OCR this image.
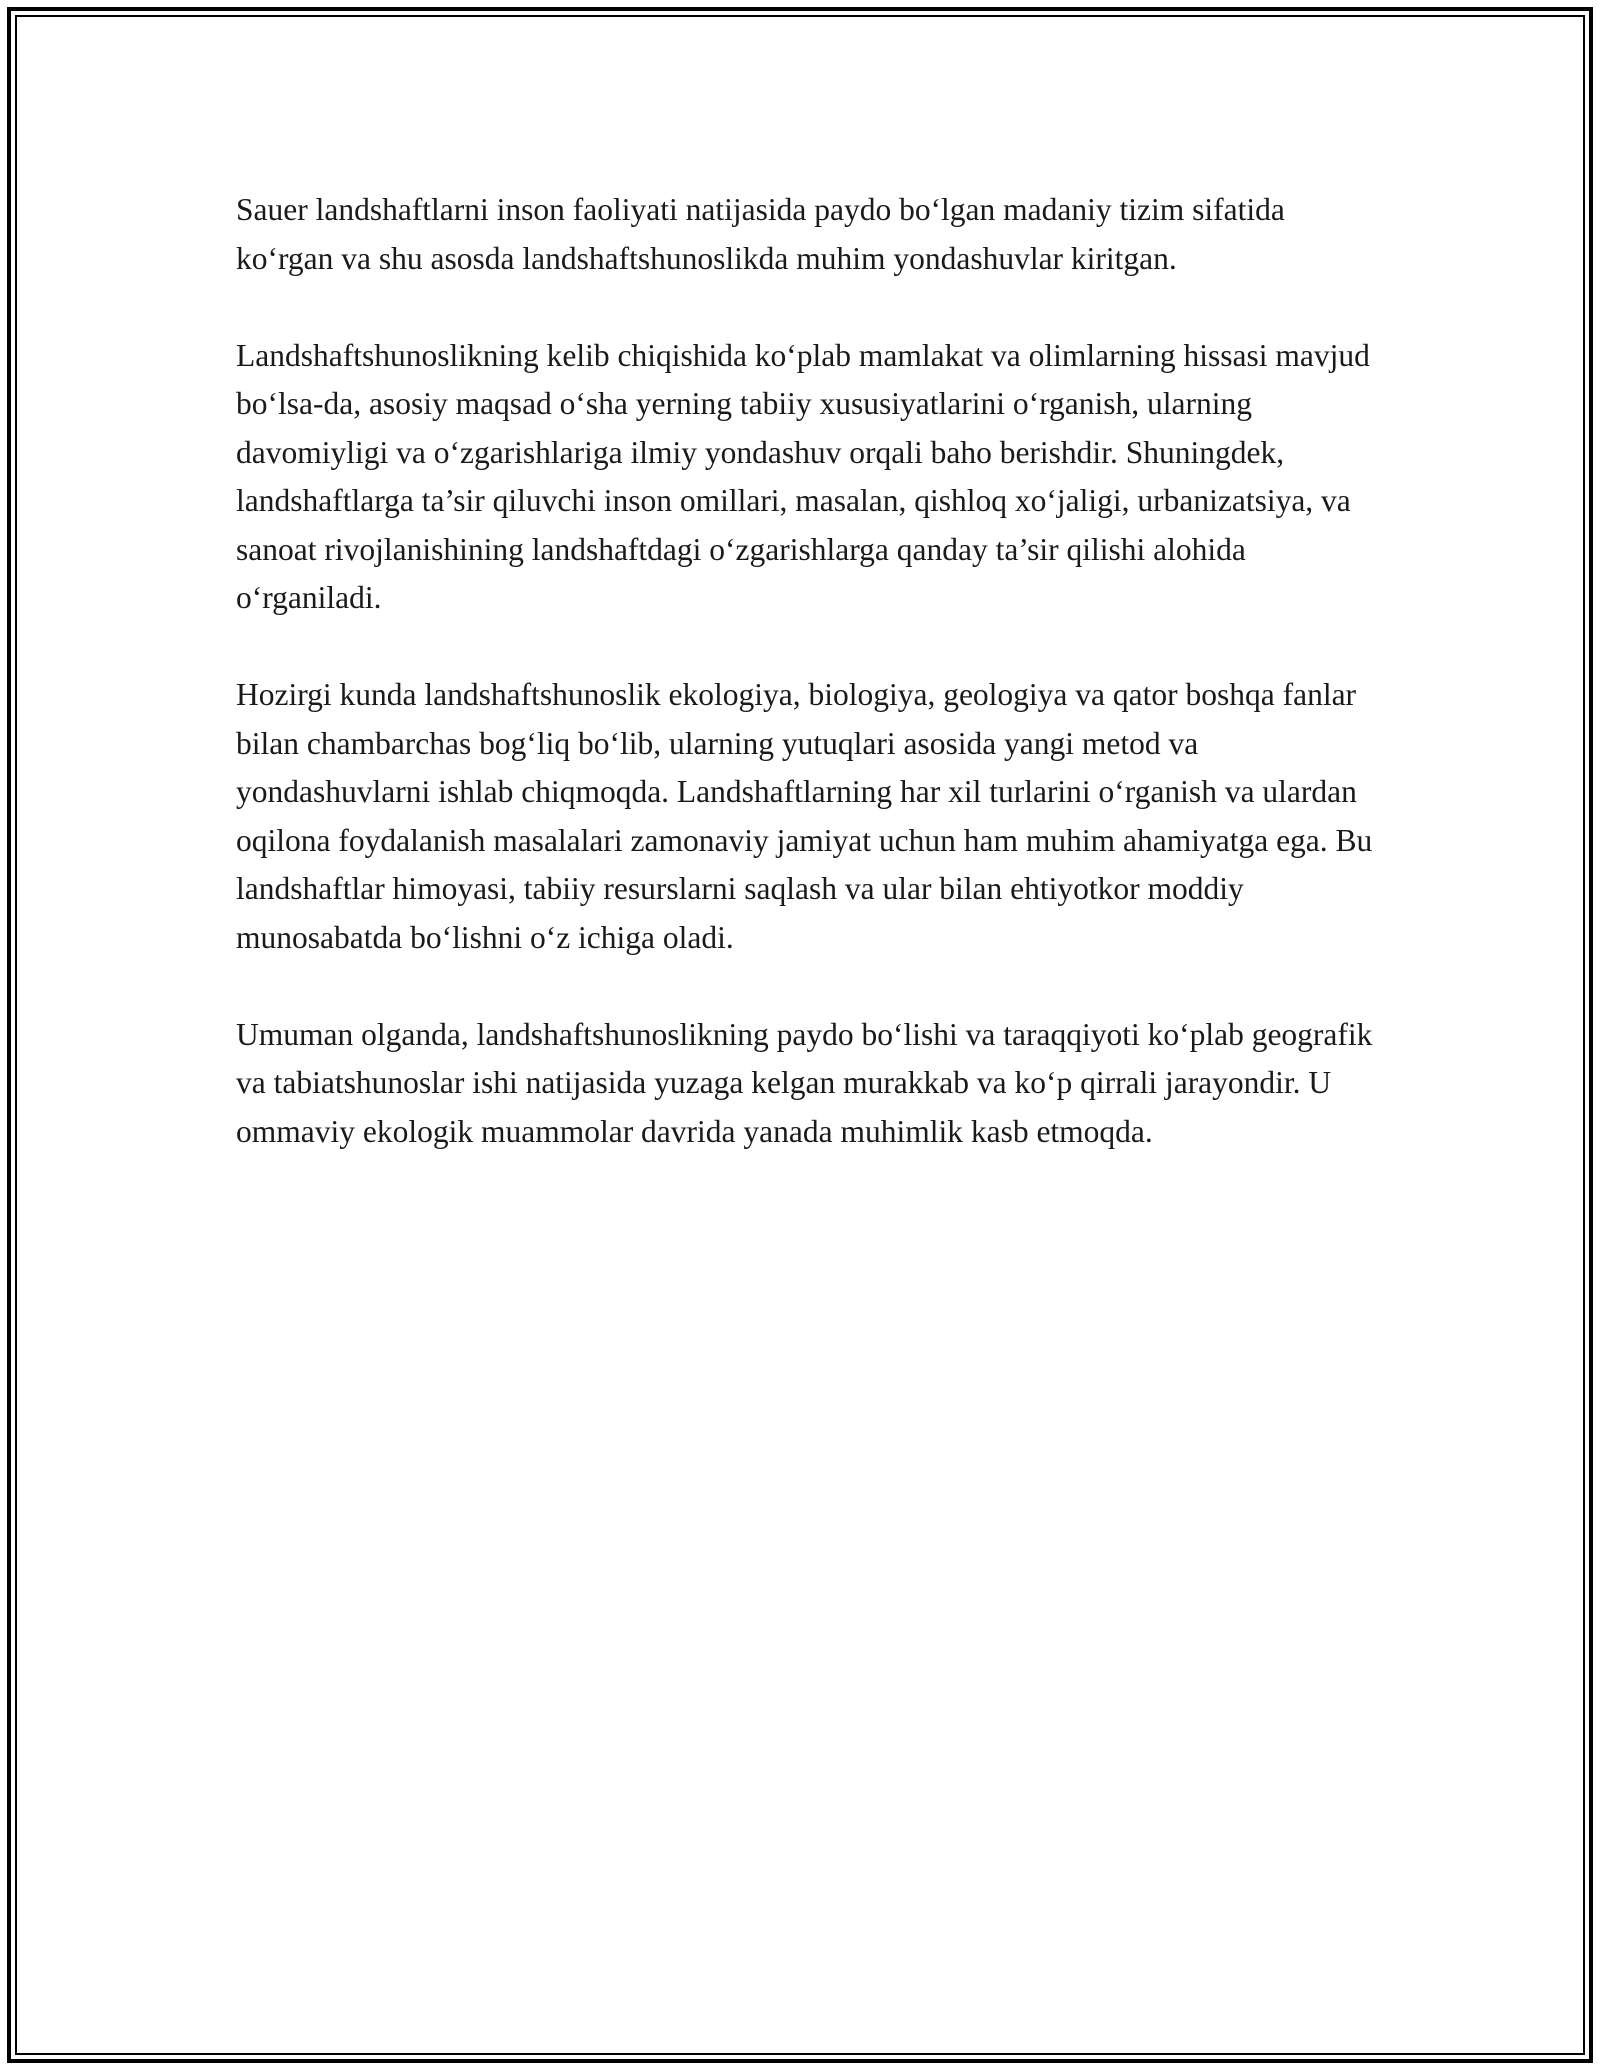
Sauer landshaftlarni inson faoliyati natijasida paydo bo‘lgan madaniy tizim sifatida ko‘rgan va shu asosda landshaftshunoslikda muhim yondashuvlar kiritgan.

Landshaftshunoslikning kelib chiqishida ko‘plab mamlakat va olimlarning hissasi mavjud bo‘lsa-da, asosiy maqsad o‘sha yerning tabiiy xususiyatlarini o‘rganish, ularning davomiyligi va o‘zgarishlariga ilmiy yondashuv orqali baho berishdir. Shuningdek, landshaftlarga ta’sir qiluvchi inson omillari, masalan, qishloq xo‘jaligi, urbanizatsiya, va sanoat rivojlanishining landshaftdagi o‘zgarishlarga qanday ta’sir qilishi alohida o‘rganiladi.

Hozirgi kunda landshaftshunoslik ekologiya, biologiya, geologiya va qator boshqa fanlar bilan chambarchas bog‘liq bo‘lib, ularning yutuqlari asosida yangi metod va yondashuvlarni ishlab chiqmoqda. Landshaftlarning har xil turlarini o‘rganish va ulardan oqilona foydalanish masalalari zamonaviy jamiyat uchun ham muhim ahamiyatga ega. Bu landshaftlar himoyasi, tabiiy resurslarni saqlash va ular bilan ehtiyotkor moddiy munosabatda bo‘lishni o‘z ichiga oladi.

Umuman olganda, landshaftshunoslikning paydo bo‘lishi va taraqqiyoti ko‘plab geografik va tabiatshunoslar ishi natijasida yuzaga kelgan murakkab va ko‘p qirrali jarayondir. U ommaviy ekologik muammolar davrida yanada muhimlik kasb etmoqda.
